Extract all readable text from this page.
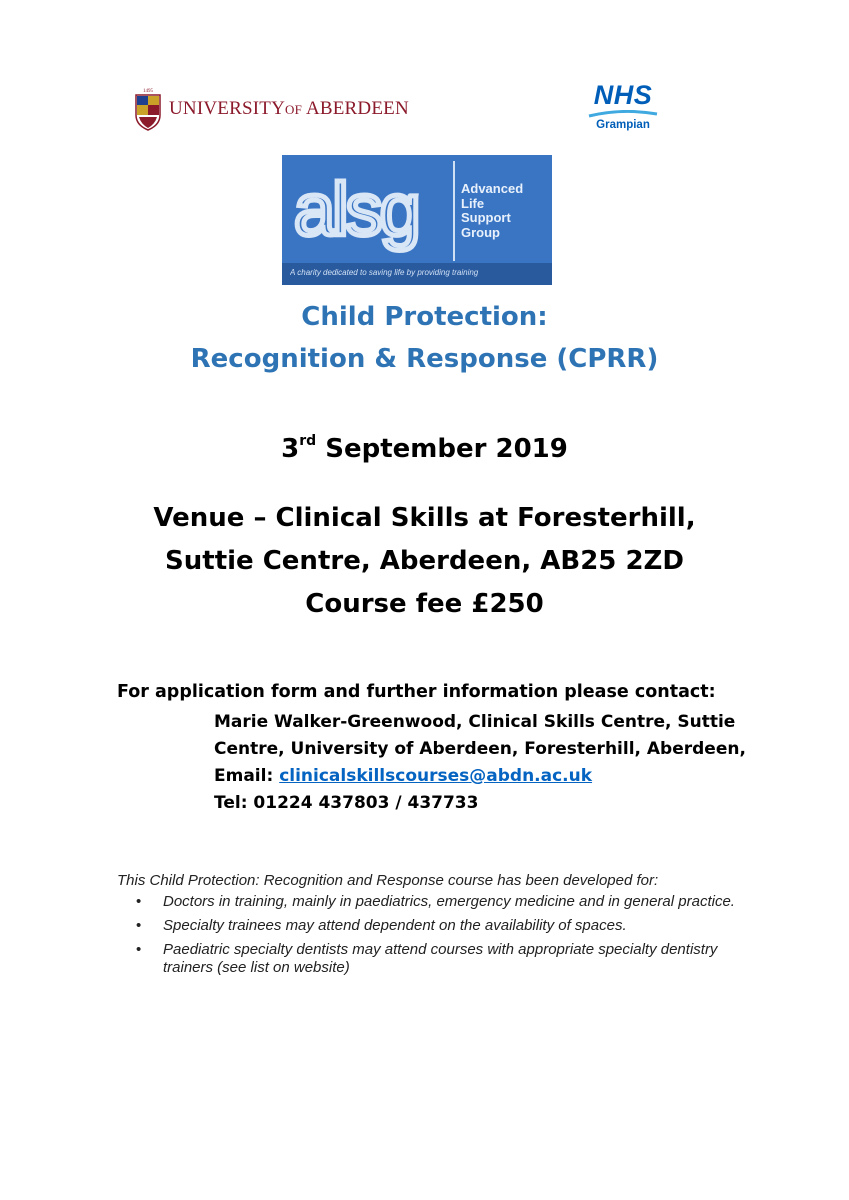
1495
UNIVERSITYOF ABERDEEN	NHS
Grampian
alsg	Advanced
Life
Support
Group
A charity dedicated to saving life by providing training
Child Protection:
Recognition & Response (CPRR)
3rd September 2019
Venue – Clinical Skills at Foresterhill,
Suttie Centre, Aberdeen, AB25 2ZD
Course fee £250
For application form and further information please contact:
Marie Walker-Greenwood, Clinical Skills Centre, Suttie
Centre, University of Aberdeen, Foresterhill, Aberdeen,
Email: clinicalskillscourses@abdn.ac.uk
Tel: 01224 437803 / 437733
This Child Protection: Recognition and Response course has been developed for:
• Doctors in training, mainly in paediatrics, emergency medicine and in general practice.
• Specialty trainees may attend dependent on the availability of spaces.
• Paediatric specialty dentists may attend courses with appropriate specialty dentistry trainers (see list on website)
